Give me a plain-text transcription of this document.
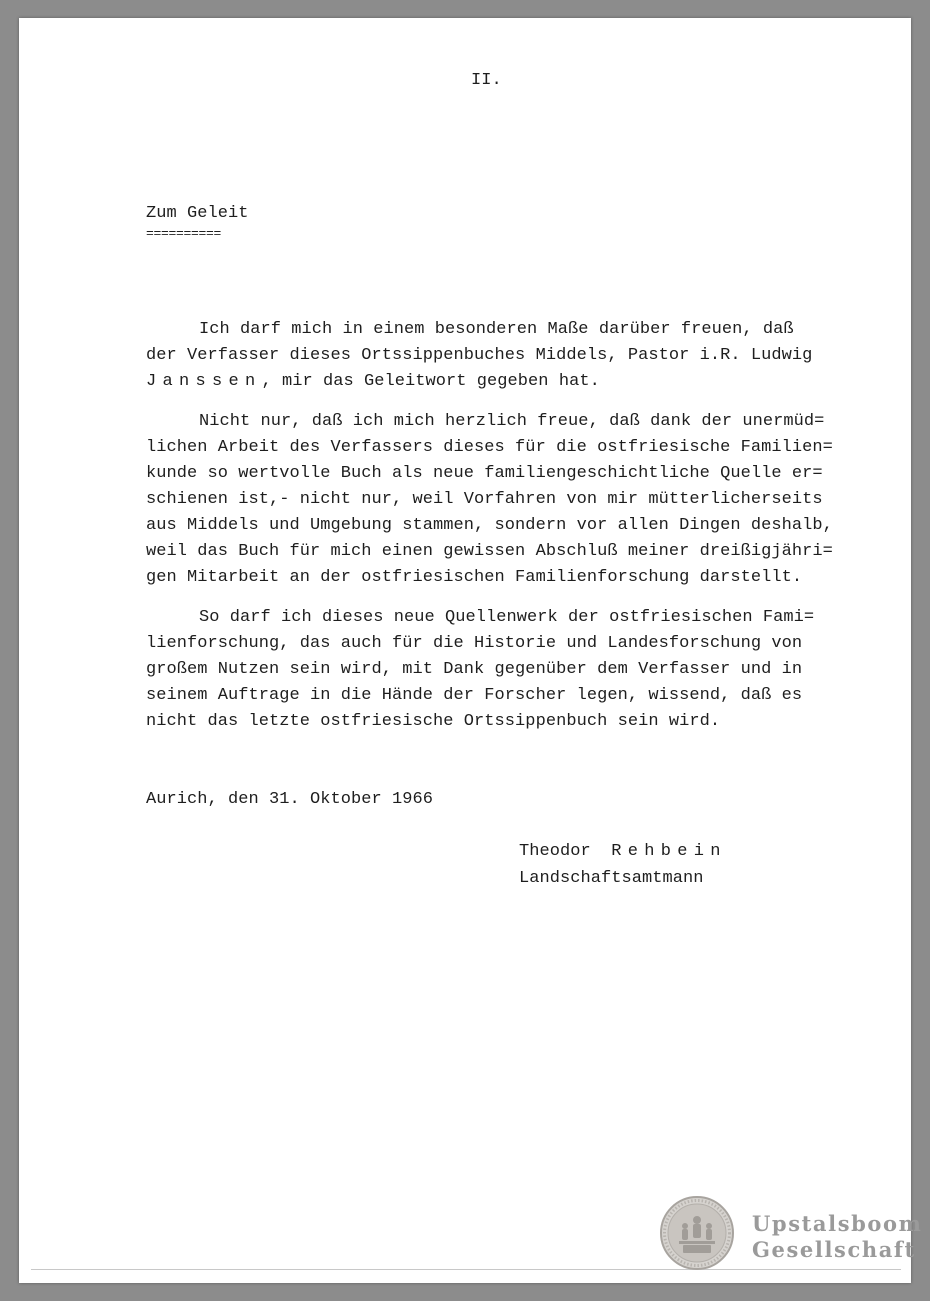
II.
Zum Geleit
==========
Ich darf mich in einem besonderen Maße darüber freuen, daß
der Verfasser dieses Ortssippenbuches Middels, Pastor i.R. Ludwig
Janssen, mir das Geleitwort gegeben hat.
Nicht nur, daß ich mich herzlich freue, daß dank der unermüd=
lichen Arbeit des Verfassers dieses für die ostfriesische Familien=
kunde so wertvolle Buch als neue familiengeschichtliche Quelle er=
schienen ist,- nicht nur, weil Vorfahren von mir mütterlicherseits
aus Middels und Umgebung stammen, sondern vor allen Dingen deshalb,
weil das Buch für mich einen gewissen Abschluß meiner dreißigjähri=
gen Mitarbeit an der ostfriesischen Familienforschung darstellt.
So darf ich dieses neue Quellenwerk der ostfriesischen Fami=
lienforschung, das auch für die Historie und Landesforschung von
großem Nutzen sein wird, mit Dank gegenüber dem Verfasser und in
seinem Auftrage in die Hände der Forscher legen, wissend, daß es
nicht das letzte ostfriesische Ortssippenbuch sein wird.
Aurich, den 31. Oktober 1966
Theodor Rehbein
Landschaftsamtmann
Upstalsboom
Gesellschaft
